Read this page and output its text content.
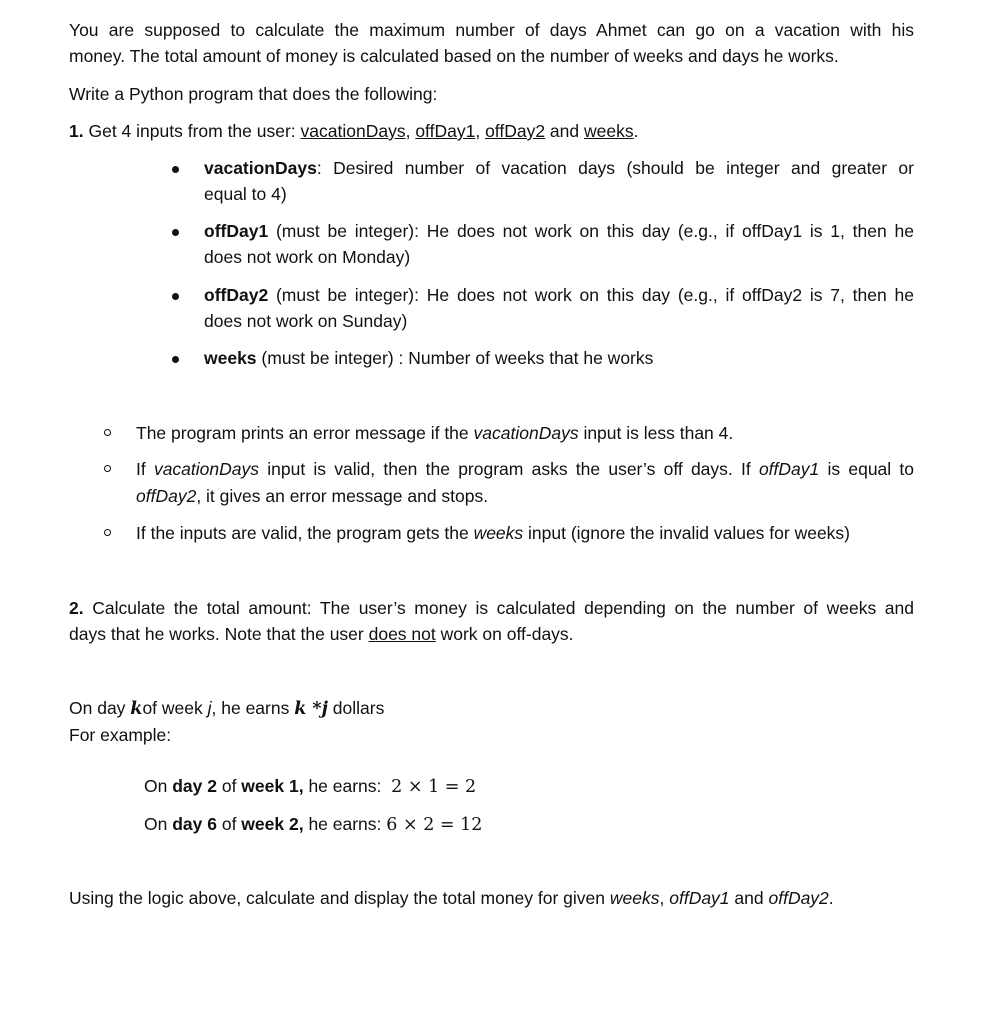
You are supposed to calculate the maximum number of days Ahmet can go on a vacation with his
money. The total amount of money is calculated based on the number of weeks and days he works.
Write a Python program that does the following:
1. Get 4 inputs from the user: vacationDays, offDay1, offDay2 and weeks.
vacationDays: Desired number of vacation days (should be integer and greater or
equal to 4)
offDay1 (must be integer): He does not work on this day (e.g., if offDay1 is 1, then he
does not work on Monday)
offDay2 (must be integer): He does not work on this day (e.g., if offDay2 is 7, then he
does not work on Sunday)
weeks (must be integer) : Number of weeks that he works
The program prints an error message if the vacationDays input is less than 4.
If vacationDays input is valid, then the program asks the user’s off days. If offDay1 is equal to
offDay2, it gives an error message and stops.
If the inputs are valid, the program gets the weeks input (ignore the invalid values for weeks)
2. Calculate the total amount: The user’s money is calculated depending on the number of weeks and
days that he works. Note that the user does not work on off-days.
On day kof week j, he earns k *j dollars
For example:
On day 2 of week 1, he earns:  2 × 1 = 2
On day 6 of week 2, he earns: 6 × 2 = 12
Using the logic above, calculate and display the total money for given weeks, offDay1 and offDay2.
